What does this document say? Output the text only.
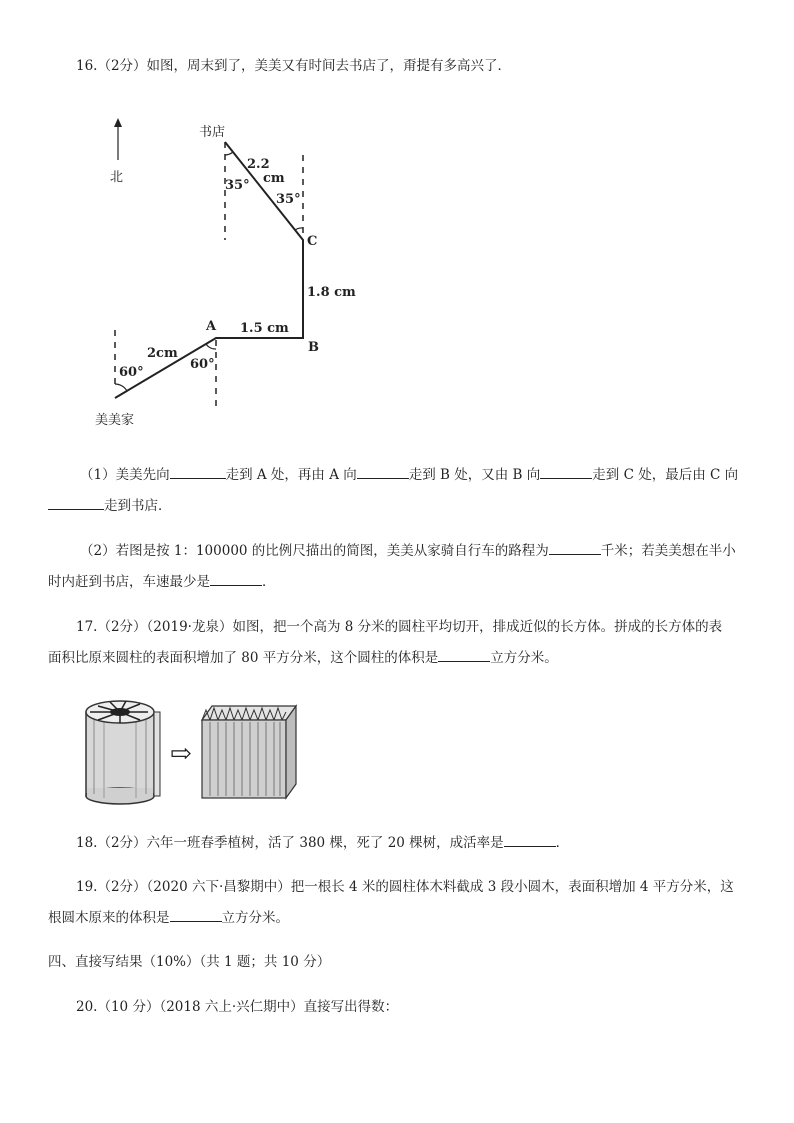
16.（2分）如图，周末到了，美美又有时间去书店了，甭提有多高兴了．
北
书店
美美家
2cm
1.5 cm
1.8 cm
2.2
cm
60°
60°
35°
35°
A
B
C
（1）美美先向	走到 A 处，再由 A 向	走到 B 处，又由 B 向	走到 C 处，最后由 C 向
走到书店．
（2）若图是按 1：100000 的比例尺描出的简图，美美从家骑自行车的路程为	千米；若美美想在半小
时内赶到书店，车速最少是	．
17.（2分）（2019·龙泉）如图，把一个高为 8 分米的圆柱平均切开，排成近似的长方体。拼成的长方体的表
面积比原来圆柱的表面积增加了 80 平方分米，这个圆柱的体积是	立方分米。
⇨
18.（2分）六年一班春季植树，活了 380 棵，死了 20 棵树，成活率是	．
19.（2分）（2020 六下·昌黎期中）把一根长 4 米的圆柱体木料截成 3 段小圆木，表面积增加 4 平方分米，这
根圆木原来的体积是	立方分米。
四、直接写结果（10%）（共 1 题；共 10 分）
20.（10 分）（2018 六上·兴仁期中）直接写出得数：
